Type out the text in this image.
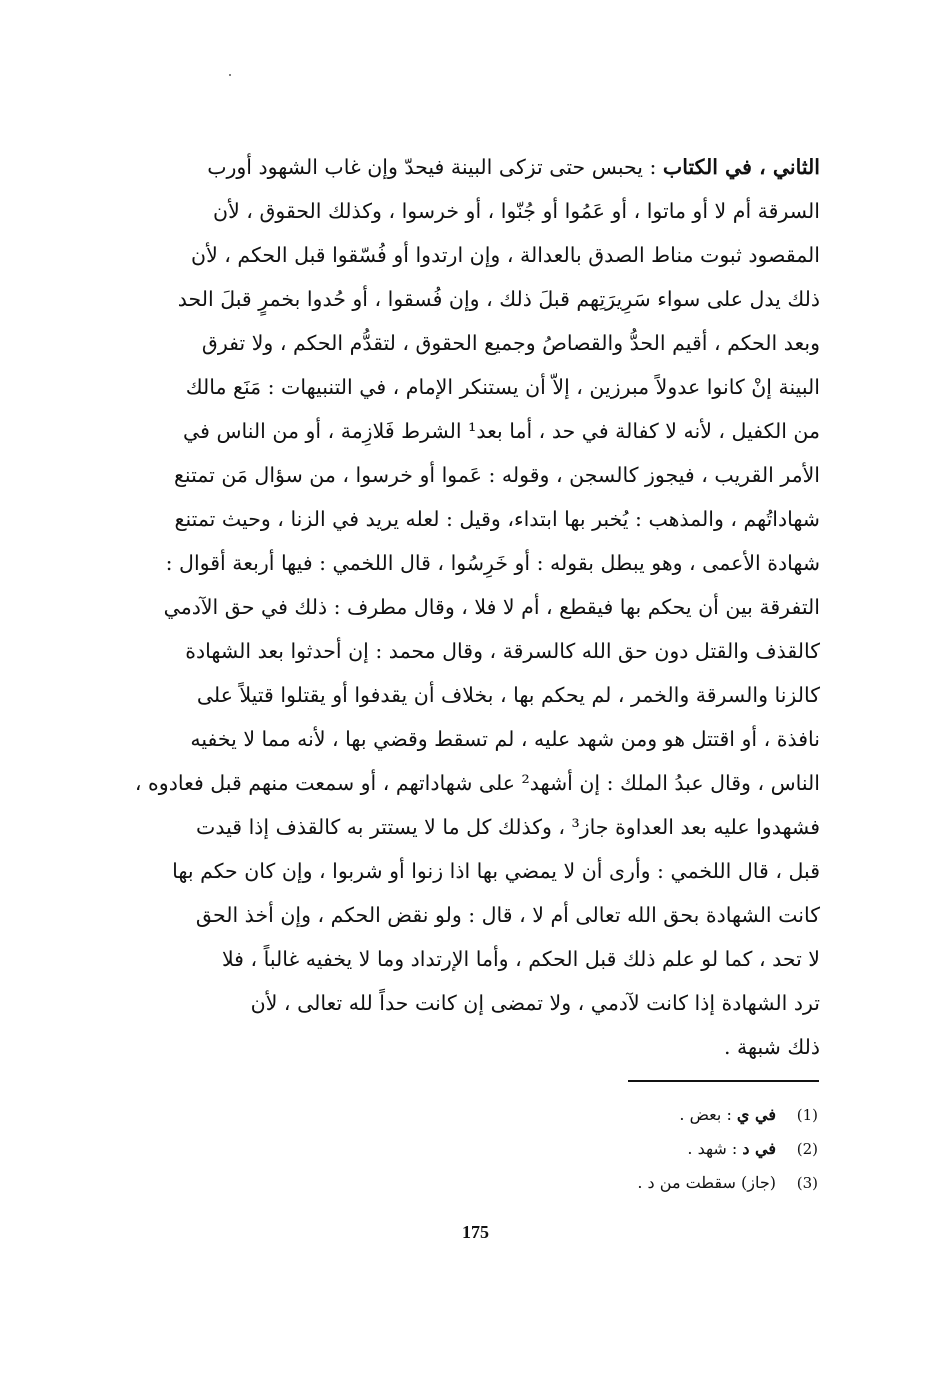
الثاني ، في الكتاب : يحبس حتى تزكى البينة فيحدّ وإن غاب الشهود أورب
السرقة أم لا أو ماتوا ، أو عَمُوا أو جُنّوا ، أو خرسوا ، وكذلك الحقوق ، لأن
المقصود ثبوت مناط الصدق بالعدالة ، وإن ارتدوا أو فُسّقوا قبل الحكم ، لأن
ذلك يدل على سواء سَرِيرَتِهم قبلَ ذلك ، وإن فُسقوا ، أو حُدوا بخمرٍ قبلَ الحد
وبعد الحكم ، أقيم الحدُّ والقصاصُ وجميع الحقوق ، لتقدُّم الحكم ، ولا تفرق
البينة إنْ كانوا عدولاً مبرزين ، إلاّ أن يستنكر الإمام ، في التنبيهات : مَنَع مالك
من الكفيل ، لأنه لا كفالة في حد ، أما بعد¹ الشرط فَلازِمة ، أو من الناس في
الأمر القريب ، فيجوز كالسجن ، وقوله : عَموا أو خرسوا ، من سؤال مَن تمتنع
شهاداتُهم ، والمذهب : يُخبر بها ابتداء، وقيل : لعله يريد في الزنا ، وحيث تمتنع
شهادة الأعمى ، وهو يبطل بقوله : أو خَرِسُوا ، قال اللخمي : فيها أربعة أقوال :
التفرقة بين أن يحكم بها فيقطع ، أم لا فلا ، وقال مطرف : ذلك في حق الآدمي
كالقذف والقتل دون حق الله كالسرقة ، وقال محمد : إن أحدثوا بعد الشهادة
كالزنا والسرقة والخمر ، لم يحكم بها ، بخلاف أن يقدفوا أو يقتلوا قتيلاً على
نافذة ، أو اقتتل هو ومن شهد عليه ، لم تسقط وقضي بها ، لأنه مما لا يخفيه
الناس ، وقال عبدُ الملك : إن أشهد² على شهاداتهم ، أو سمعت منهم قبل فعادوه ،
فشهدوا عليه بعد العداوة جاز³ ، وكذلك كل ما لا يستتر به كالقذف إذا قيدت
قبل ، قال اللخمي : وأرى أن لا يمضي بها اذا زنوا أو شربوا ، وإن كان حكم بها
كانت الشهادة بحق الله تعالى أم لا ، قال : ولو نقض الحكم ، وإن أخذ الحق
لا تحد ، كما لو علم ذلك قبل الحكم ، وأما الإرتداد وما لا يخفيه غالباً ، فلا
ترد الشهادة إذا كانت لآدمي ، ولا تمضى إن كانت حداً لله تعالى ، لأن
ذلك شبهة .
(1)
في ي : بعض .
(2)
في د : شهد .
(3)
(جاز) سقطت من د .
175
